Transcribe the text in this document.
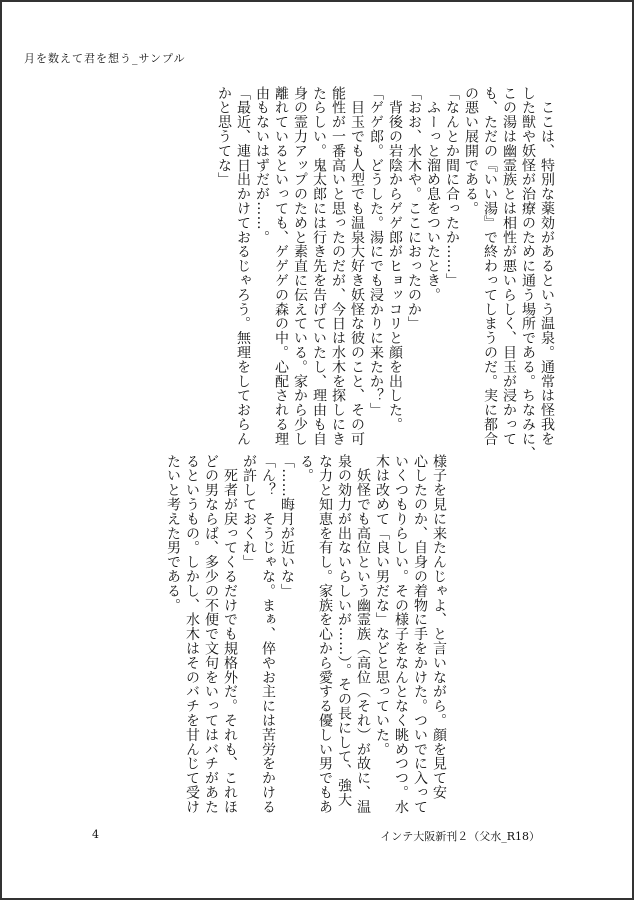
月を数えて君を想う_サンプル

　ここは、特別な薬効があるという温泉。通常は怪我を

した獣や妖怪が治療のために通う場所である。ちなみに、

この湯は幽霊族とは相性が悪いらしく、目玉が浸かって

も、ただの『いい湯』で終わってしまうのだ。実に都合

の悪い展開である。

「なんとか間に合ったか……」

　ふーっと溜め息をついたとき。

「おお、水木や。ここにおったのか」

　背後の岩陰からゲゲ郎がヒョッコリと顔を出した。

「ゲゲ郎。どうした。湯にでも浸かりに来たか？」

　目玉でも人型でも温泉大好き妖怪な彼のこと、その可

能性が一番高いと思ったのだが、今日は水木を探しにき

たらしい。鬼太郎には行き先を告げていたし、理由も自

身の霊力アップのためと素直に伝えている。家から少し

離れているといっても、ゲゲゲの森の中。心配される理

由もないはずだが……。

「最近、連日出かけておるじゃろう。無理をしておらん

かと思うてな」

様子を見に来たんじゃよ、と言いながら。顔を見て安

心したのか、自身の着物に手をかけた。ついでに入って

いくつもりらしい。その様子をなんとなく眺めつつ。水

木は改めて「良い男だな」などと思っていた。

　妖怪でも高位という幽霊族（高位（それ）が故に、温

泉の効力が出ないらしいが……）。その長にして、強大

な力と知恵を有し。家族を心から愛する優しい男でもあ

る。

「……晦月が近いな」

「ん？　そうじゃな。まぁ、倅やお主には苦労をかける

が許しておくれ」

　死者が戻ってくるだけでも規格外だ。それも、これほ

どの男ならば、多少の不便で文句をいってはバチがあた

るというもの。しかし、水木はそのバチを甘んじて受け

たいと考えた男である。

4	インテ大阪新刊２（父水_R18）
